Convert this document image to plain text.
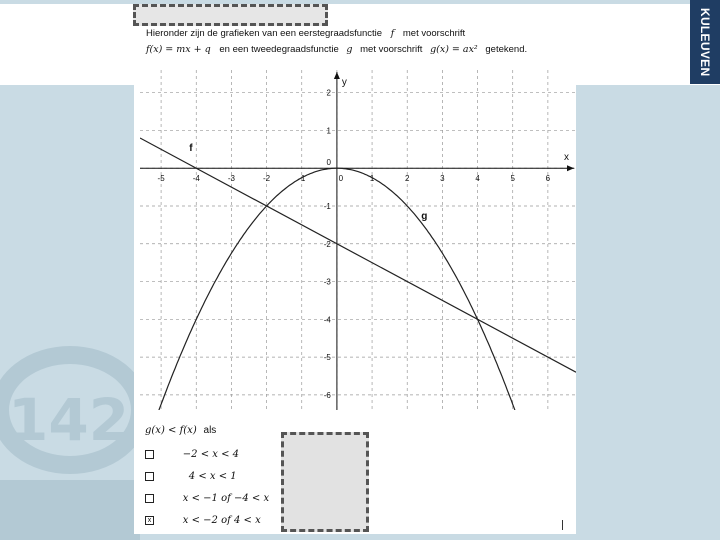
KULEUVEN
142
Hieronder zijn de grafieken van een eerstegraadsfunctie f met voorschrift
f(x) = mx + q en een tweedegraadsfunctie g met voorschrift g(x) = ax² getekend.
-5	-4	-3	-2	-1	0	1	2	3	4	5	6
2
1
0
-1
-2
-3
-4
-5
-6
x
y
f
g
g(x) < f(x) als
−2 < x < 4
4 < x < 1
x < −1 of −4 < x
x	x < −2 of 4 < x
